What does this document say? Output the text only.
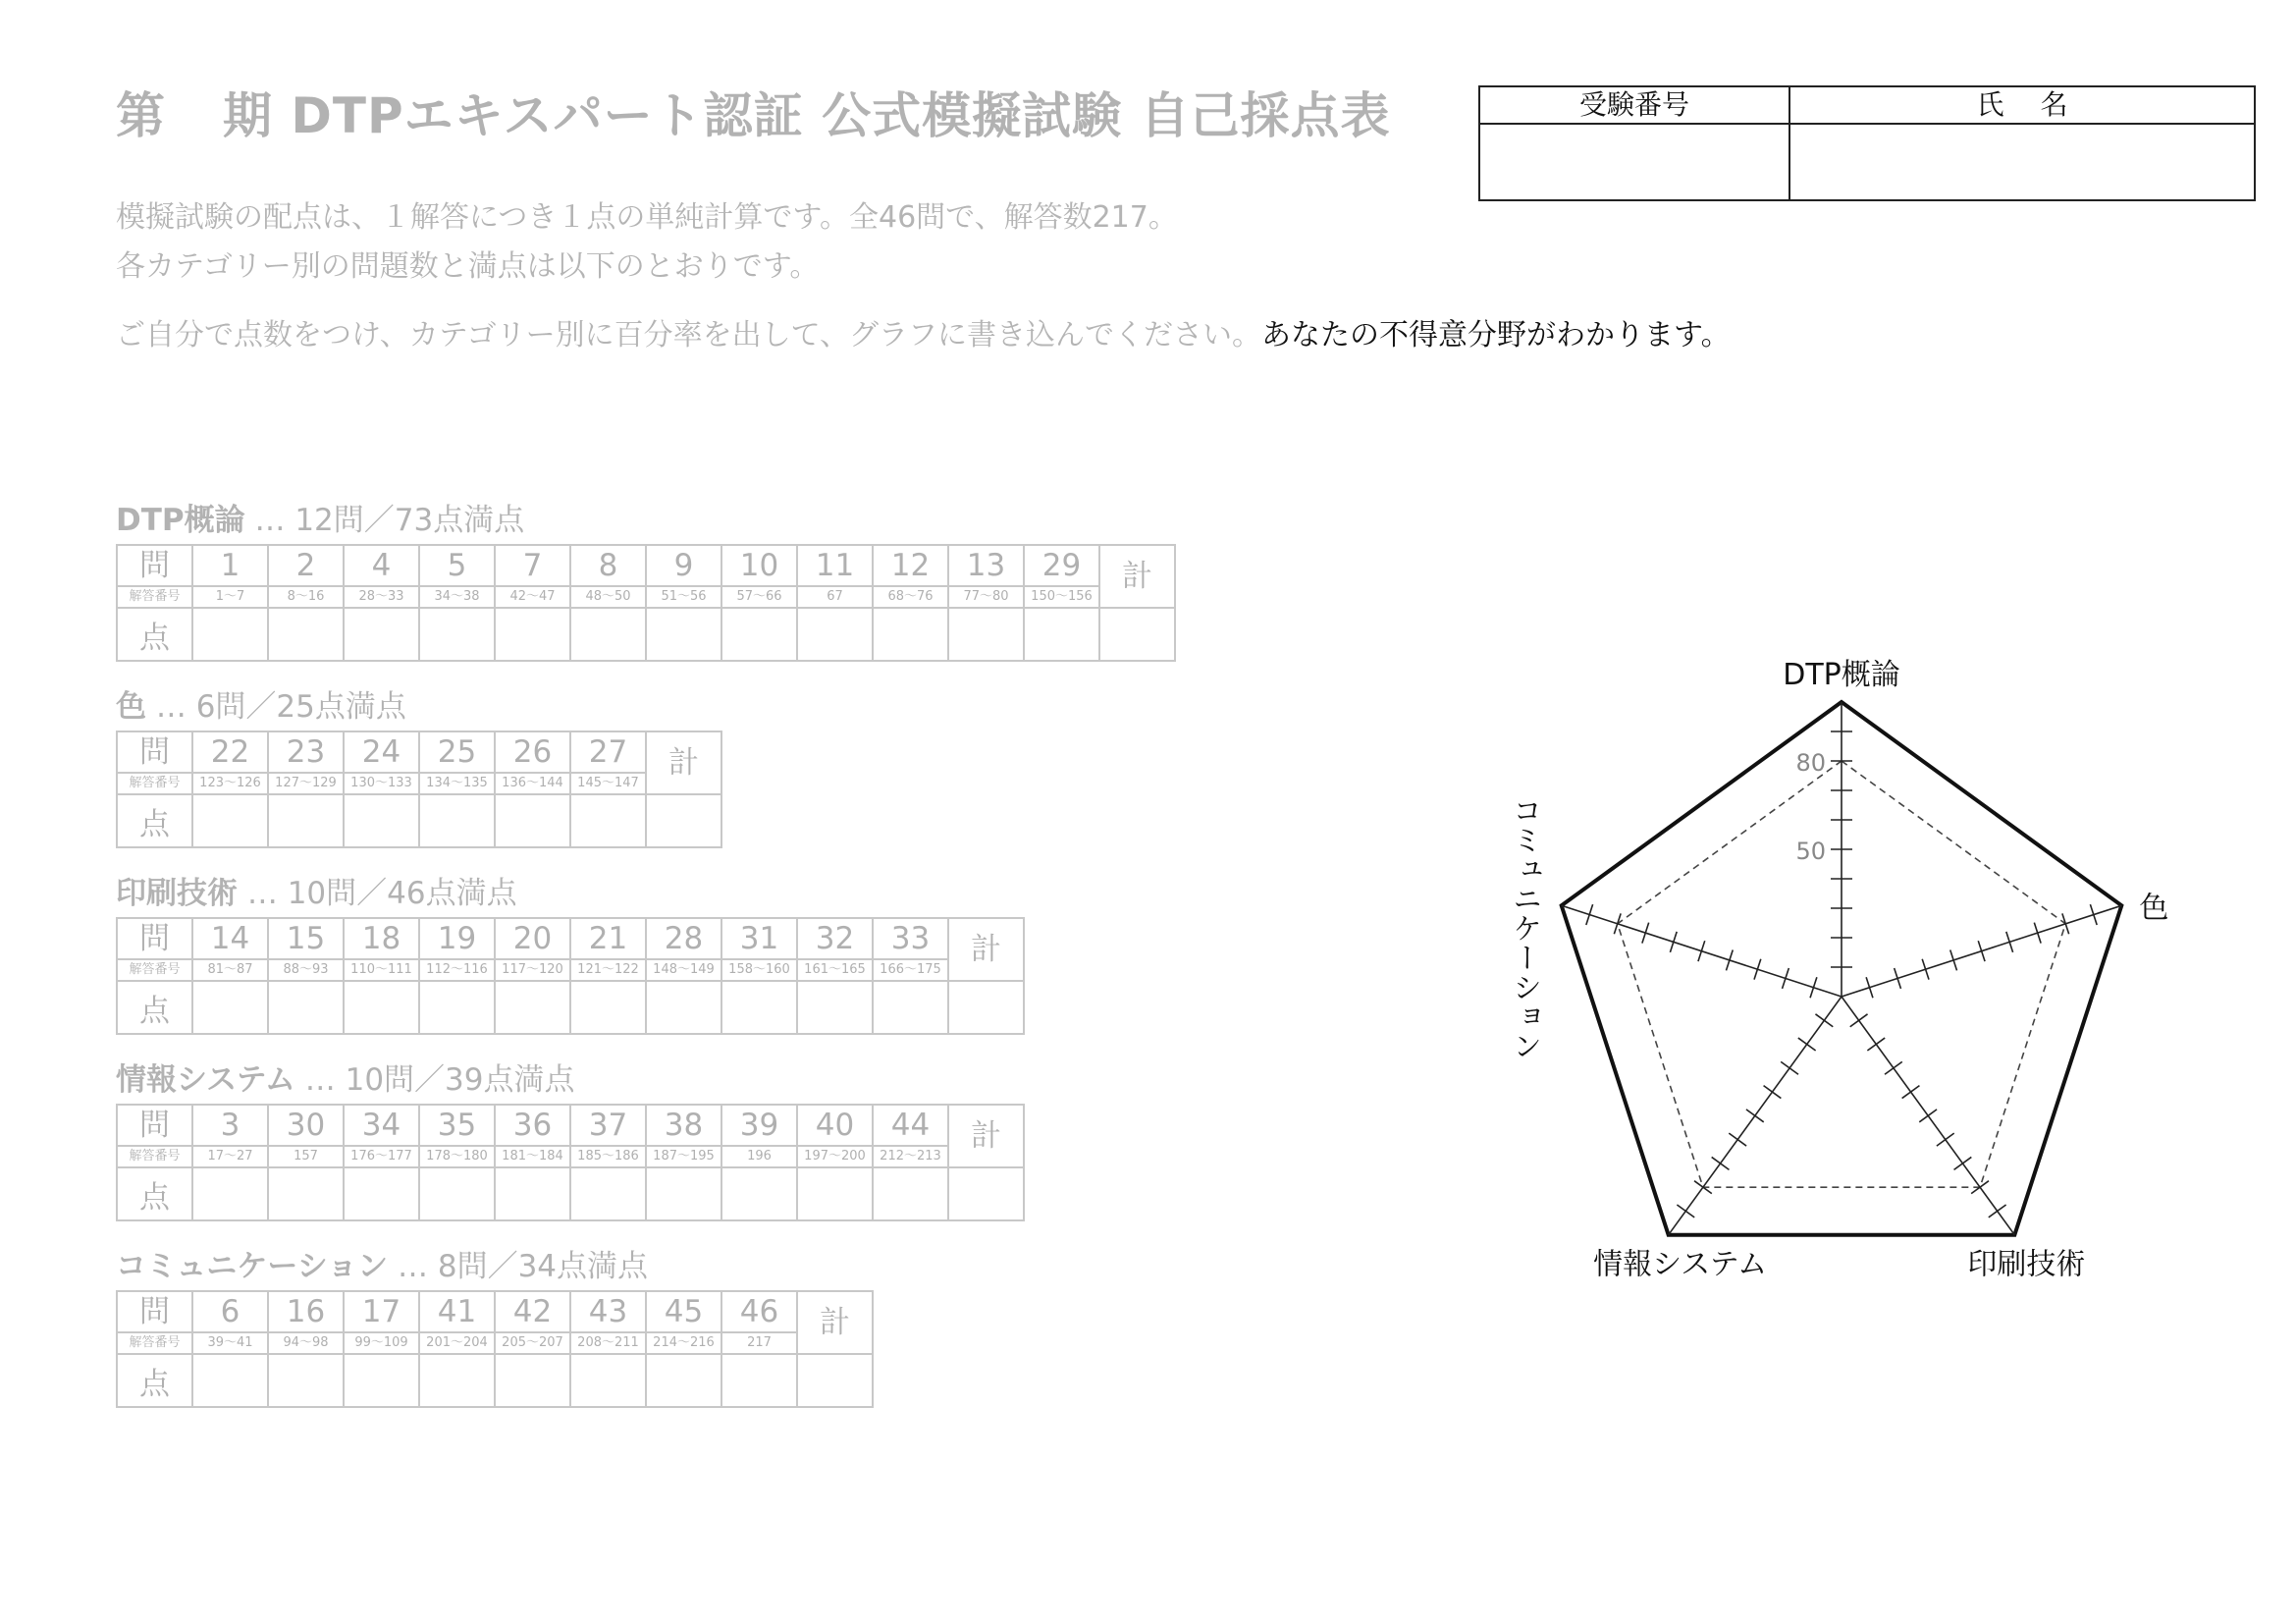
第 期 DTPエキスパート認証 公式模擬試験 自己採点表	受験番号	氏　 名
模擬試験の配点は、１解答につき１点の単純計算です。全46問で、解答数217。
各カテゴリー別の問題数と満点は以下のとおりです。
ご自分で点数をつけ、カテゴリー別に百分率を出して、グラフに書き込んでください。あなたの不得意分野がわかります。
DTP概論 … 12問／73点満点
問	1	2	4	5	7	8	9	10	11	12	13	29	計
解答番号	1～7	8～16	28～33	34～38	42～47	48～50	51～56	57～66	67	68～76	77～80	150～156	
点													
色 … 6問／25点満点
問	22	23	24	25	26	27	計
解答番号	123～126	127～129	130～133	134～135	136～144	145～147	
点							
印刷技術 … 10問／46点満点
問	14	15	18	19	20	21	28	31	32	33	計
解答番号	81～87	88～93	110～111	112～116	117～120	121～122	148～149	158～160	161～165	166～175	
点											
情報システム … 10問／39点満点
問	3	30	34	35	36	37	38	39	40	44	計
解答番号	17～27	157	176～177	178～180	181～184	185～186	187～195	196	197～200	212～213	
点											
コミュニケーション … 8問／34点満点
問	6	16	17	41	42	43	45	46	計
解答番号	39～41	94～98	99～109	201～204	205～207	208～211	214～216	217	
点									
80
50
DTP概論
色
印刷技術
情報システム
コミュニケーション
